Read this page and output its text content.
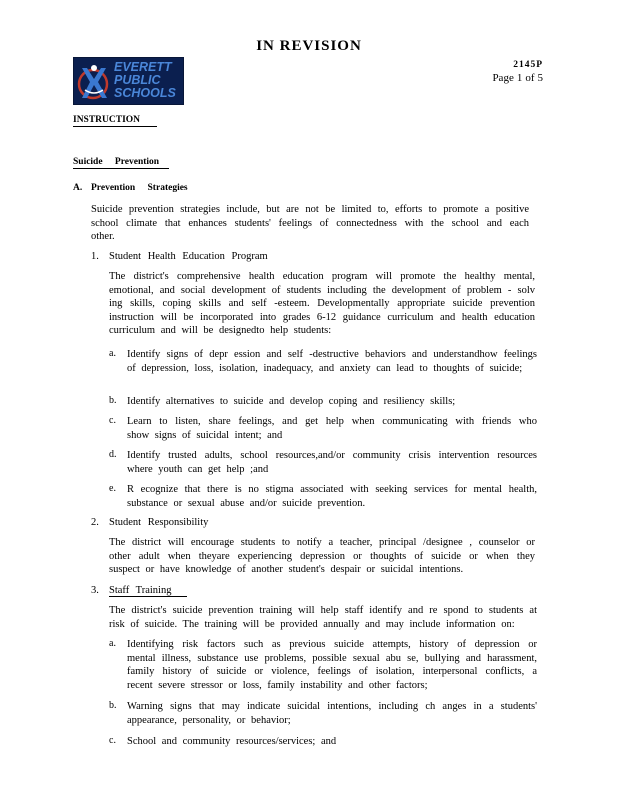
IN REVISION
EVERETT
PUBLIC
SCHOOLS
2145P
Page 1 of 5
INSTRUCTION
Suicide Prevention
A. Prevention Strategies
Suicide prevention strategies include, but are not be limited to, efforts to promote a positive school climate that enhances students' feelings of connectedness with the school and each other.
1. Student Health Education Program
The district's comprehensive health education program will promote the healthy mental, emotional, and social development of students including the development of problem - solv ing skills, coping skills and self -esteem. Developmentally appropriate suicide prevention instruction will be incorporated into grades 6-12 guidance curriculum and health education curriculum and will be designedto help students:
a. Identify signs of depr ession and self -destructive behaviors and understandhow feelings of depression, loss, isolation, inadequacy, and anxiety can lead to thoughts of suicide;
b. Identify alternatives to suicide and develop coping and resiliency skills;
c. Learn to listen, share feelings, and get help when communicating with friends who show signs of suicidal intent; and
d. Identify trusted adults, school resources,and/or community crisis intervention resources where youth can get help ;and
e. R ecognize that there is no stigma associated with seeking services for mental health, substance or sexual abuse and/or suicide prevention.
2. Student Responsibility
The district will encourage students to notify a teacher, principal /designee , counselor or other adult when theyare experiencing depression or thoughts of suicide or when they suspect or have knowledge of another student's despair or suicidal intentions.
3. Staff Training
The district's suicide prevention training will help staff identify and re spond to students at risk of suicide. The training will be provided annually and may include information on:
a. Identifying risk factors such as previous suicide attempts, history of depression or mental illness, substance use problems, possible sexual abu se, bullying and harassment, family history of suicide or violence, feelings of isolation, interpersonal conflicts, a recent severe stressor or loss, family instability and other factors;
b. Warning signs that may indicate suicidal intentions, including ch anges in a students' appearance, personality, or behavior;
c. School and community resources/services; and
